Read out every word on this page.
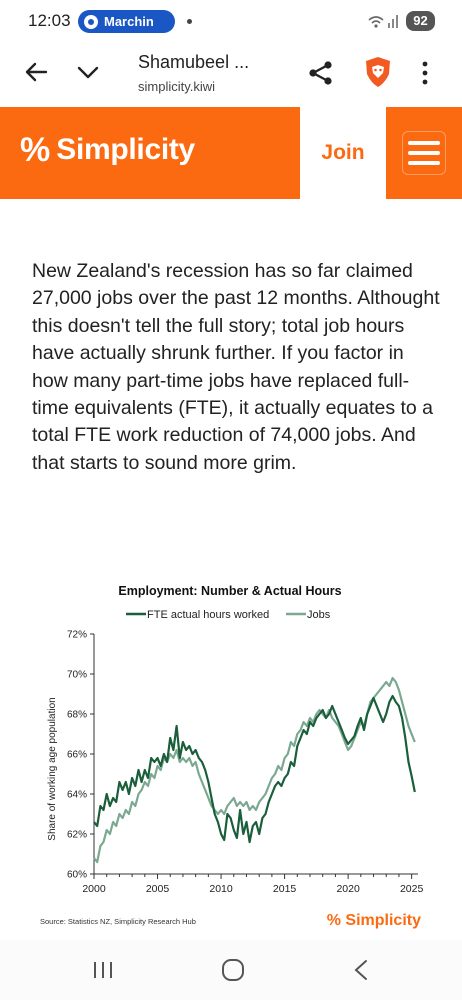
12:03	Marchin	92
Shamubeel ...
simplicity.kiwi
% Simplicity	Join

New Zealand's recession has so far claimed 27,000 jobs over the past 12 months. Althought this doesn't tell the full story; total job hours have actually shrunk further. If you factor in how many part-time jobs have replaced full-time equivalents (FTE), it actually equates to a total FTE work reduction of 74,000 jobs. And that starts to sound more grim.

Employment: Number & Actual Hours
FTE actual hours worked	Jobs
Share of working age population
60%
62%
64%
66%
68%
70%
72%
2000	2005	2010	2015	2020	2025
Source: Statistics NZ, Simplicity Research Hub	% Simplicity
